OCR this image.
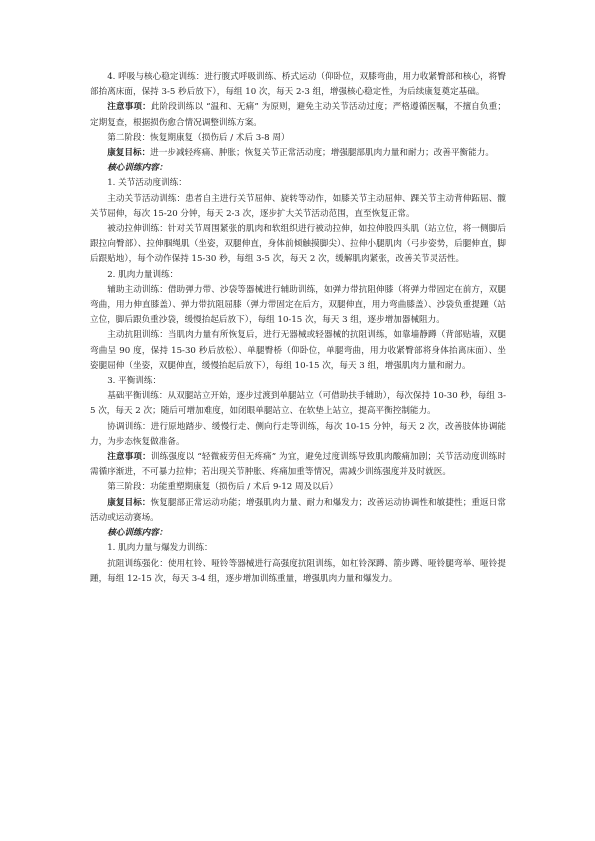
4. 呼吸与核心稳定训练：进行腹式呼吸训练、桥式运动（仰卧位，双膝弯曲，用力收紧臀部和核心，将臀部抬离床面，保持 3-5 秒后放下），每组 10 次，每天 2-3 组，增强核心稳定性，为后续康复奠定基础。

注意事项：此阶段训练以 “温和、无痛” 为原则，避免主动关节活动过度；严格遵循医嘱，不擅自负重；定期复查，根据损伤愈合情况调整训练方案。

第二阶段：恢复期康复（损伤后 / 术后 3-8 周）

康复目标：进一步减轻疼痛、肿胀；恢复关节正常活动度；增强腿部肌肉力量和耐力；改善平衡能力。

核心训练内容：

1. 关节活动度训练：

主动关节活动训练：患者自主进行关节屈伸、旋转等动作，如膝关节主动屈伸、踝关节主动背伸跖屈、髋关节屈伸，每次 15-20 分钟，每天 2-3 次，逐步扩大关节活动范围，直至恢复正常。

被动拉伸训练：针对关节周围紧张的肌肉和软组织进行被动拉伸，如拉伸股四头肌（站立位，将一侧脚后跟拉向臀部）、拉伸腘绳肌（坐姿，双腿伸直，身体前倾触摸脚尖）、拉伸小腿肌肉（弓步姿势，后腿伸直，脚后跟贴地），每个动作保持 15-30 秒，每组 3-5 次，每天 2 次，缓解肌肉紧张，改善关节灵活性。

2. 肌肉力量训练：

辅助主动训练：借助弹力带、沙袋等器械进行辅助训练，如弹力带抗阻伸膝（将弹力带固定在前方，双腿弯曲，用力伸直膝盖）、弹力带抗阻屈膝（弹力带固定在后方，双腿伸直，用力弯曲膝盖）、沙袋负重提踵（站立位，脚后跟负重沙袋，缓慢抬起后放下），每组 10-15 次，每天 3 组，逐步增加器械阻力。

主动抗阻训练：当肌肉力量有所恢复后，进行无器械或轻器械的抗阻训练，如靠墙静蹲（背部贴墙，双腿弯曲呈 90 度，保持 15-30 秒后放松）、单腿臀桥（仰卧位，单腿弯曲，用力收紧臀部将身体抬离床面）、坐姿腿屈伸（坐姿，双腿伸直，缓慢抬起后放下），每组 10-15 次，每天 3 组，增强肌肉力量和耐力。

3. 平衡训练：

基础平衡训练：从双腿站立开始，逐步过渡到单腿站立（可借助扶手辅助），每次保持 10-30 秒，每组 3-5 次，每天 2 次；随后可增加难度，如闭眼单腿站立、在软垫上站立，提高平衡控制能力。

协调训练：进行原地踏步、缓慢行走、侧向行走等训练，每次 10-15 分钟，每天 2 次，改善肢体协调能力，为步态恢复做准备。

注意事项：训练强度以 “轻微疲劳但无疼痛” 为宜，避免过度训练导致肌肉酸痛加剧；关节活动度训练时需循序渐进，不可暴力拉伸；若出现关节肿胀、疼痛加重等情况，需减少训练强度并及时就医。

第三阶段：功能重塑期康复（损伤后 / 术后 9-12 周及以后）

康复目标：恢复腿部正常运动功能；增强肌肉力量、耐力和爆发力；改善运动协调性和敏捷性；重返日常活动或运动赛场。

核心训练内容：

1. 肌肉力量与爆发力训练：

抗阻训练强化：使用杠铃、哑铃等器械进行高强度抗阻训练，如杠铃深蹲、箭步蹲、哑铃腿弯举、哑铃提踵，每组 12-15 次，每天 3-4 组，逐步增加训练重量，增强肌肉力量和爆发力。
